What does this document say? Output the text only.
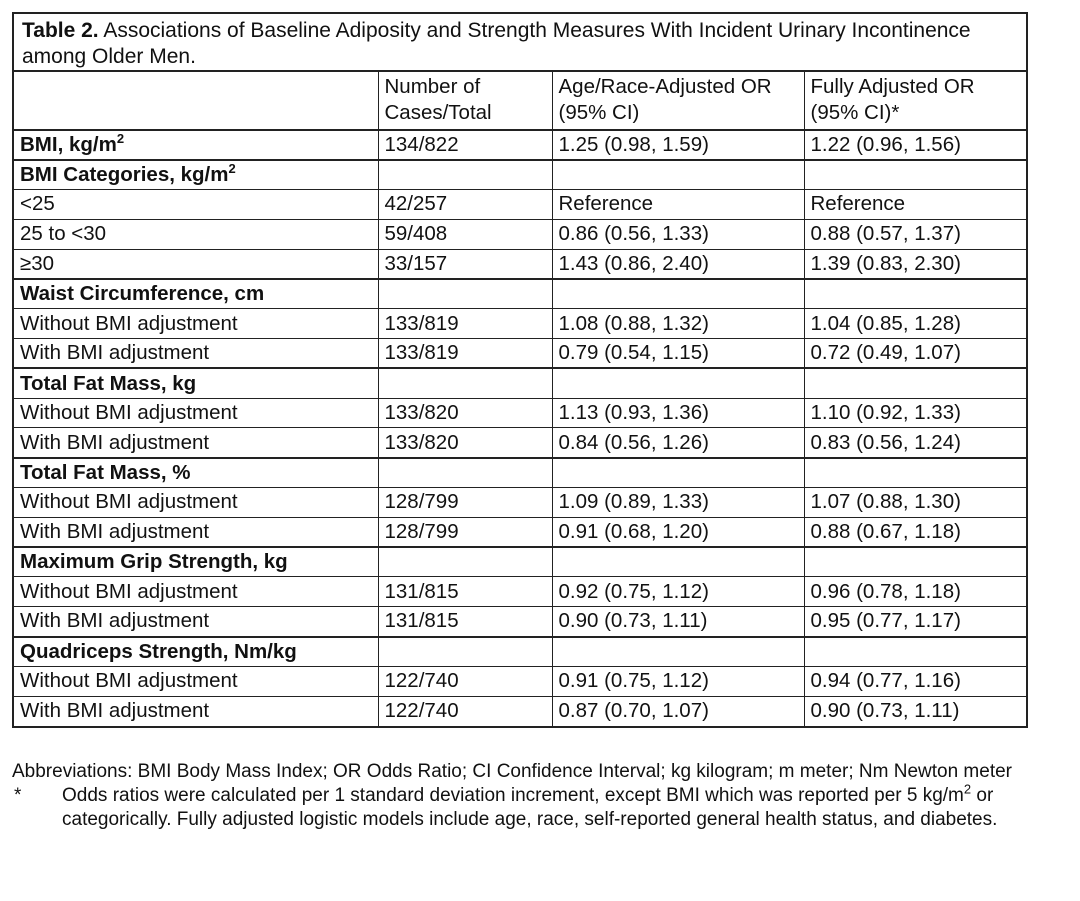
Table 2. Associations of Baseline Adiposity and Strength Measures With Incident Urinary Incontinence among Older Men.
	Number of Cases/Total	Age/Race-Adjusted OR (95% CI)	Fully Adjusted OR (95% CI)*
BMI, $kg/m^2$	134/822	1.25 (0.98, 1.59)	1.22 (0.96, 1.56)
BMI Categories, $kg/m^2$			
<25	42/257	Reference	Reference
25 to <30	59/408	0.86 (0.56, 1.33)	0.88 (0.57, 1.37)
≥30	33/157	1.43 (0.86, 2.40)	1.39 (0.83, 2.30)
Waist Circumference, cm			
Without BMI adjustment	133/819	1.08 (0.88, 1.32)	1.04 (0.85, 1.28)
With BMI adjustment	133/819	0.79 (0.54, 1.15)	0.72 (0.49, 1.07)
Total Fat Mass, kg			
Without BMI adjustment	133/820	1.13 (0.93, 1.36)	1.10 (0.92, 1.33)
With BMI adjustment	133/820	0.84 (0.56, 1.26)	0.83 (0.56, 1.24)
Total Fat Mass, %			
Without BMI adjustment	128/799	1.09 (0.89, 1.33)	1.07 (0.88, 1.30)
With BMI adjustment	128/799	0.91 (0.68, 1.20)	0.88 (0.67, 1.18)
Maximum Grip Strength, kg			
Without BMI adjustment	131/815	0.92 (0.75, 1.12)	0.96 (0.78, 1.18)
With BMI adjustment	131/815	0.90 (0.73, 1.11)	0.95 (0.77, 1.17)
Quadriceps Strength, Nm/kg			
Without BMI adjustment	122/740	0.91 (0.75, 1.12)	0.94 (0.77, 1.16)
With BMI adjustment	122/740	0.87 (0.70, 1.07)	0.90 (0.73, 1.11)
Abbreviations: BMI Body Mass Index; OR Odds Ratio; CI Confidence Interval; kg kilogram; m meter; Nm Newton meter
*	Odds ratios were calculated per 1 standard deviation increment, except BMI which was reported per 5 $kg/m^2$ or categorically. Fully adjusted logistic models include age, race, self-reported general health status, and diabetes.
